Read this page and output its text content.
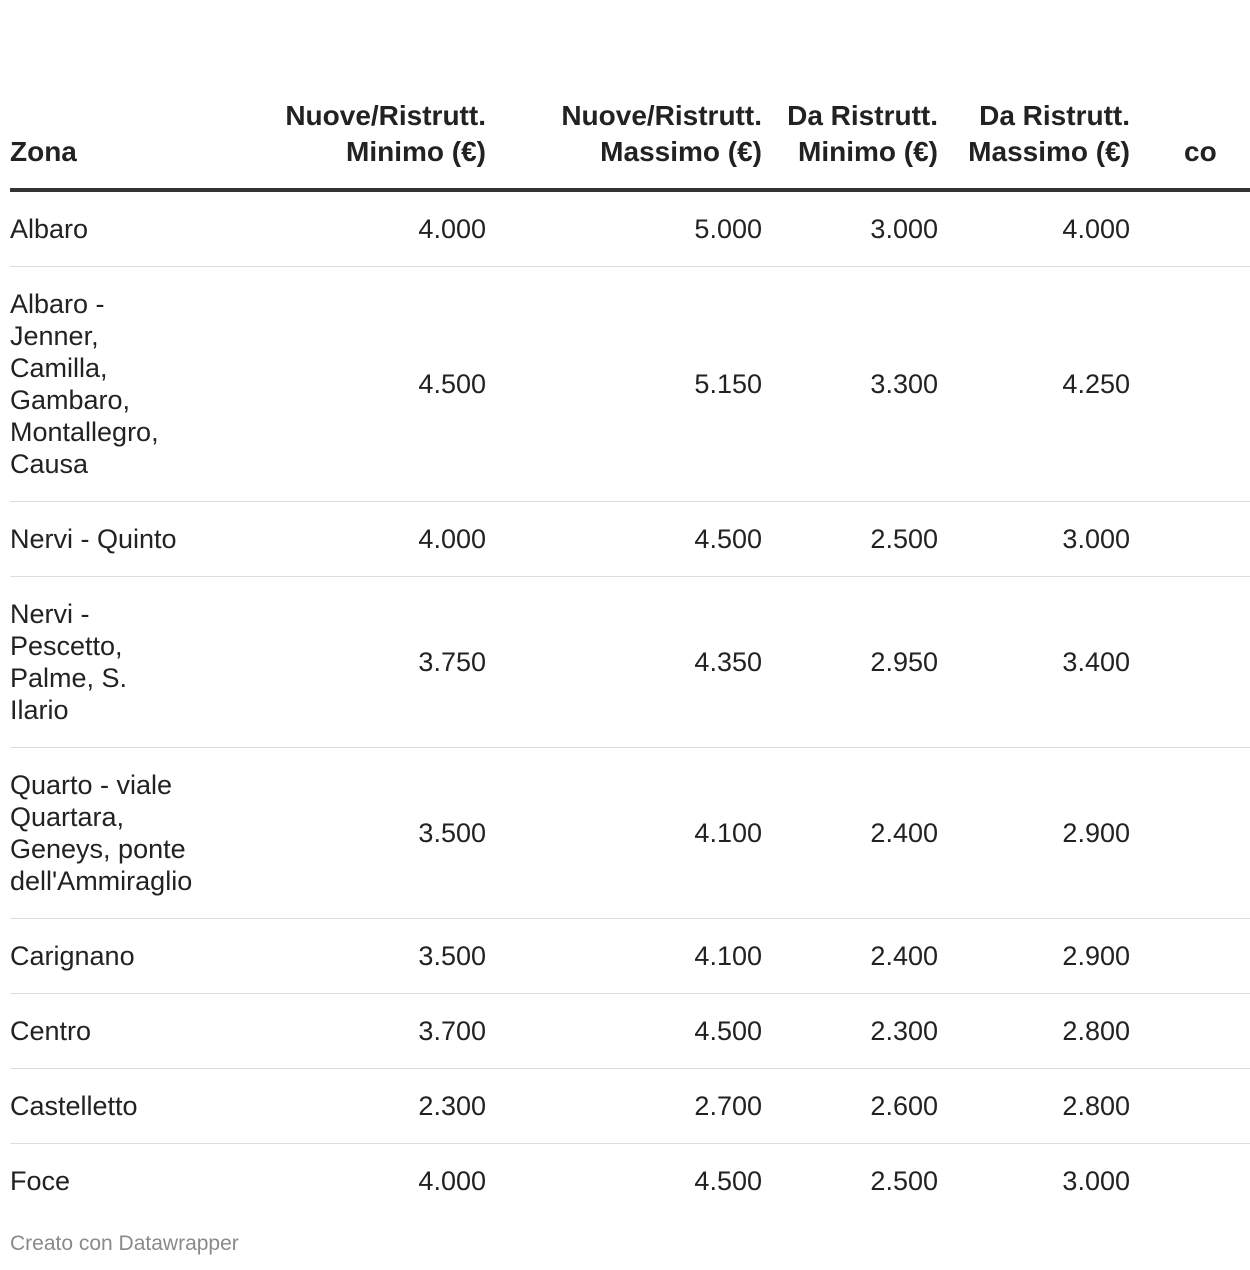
Zona	Nuove/Ristrutt. Minimo (€)	Nuove/Ristrutt. Massimo (€)	Da Ristrutt. Minimo (€)	Da Ristrutt. Massimo (€)	co
Albaro	4.000	5.000	3.000	4.000	
Albaro - Jenner, Camilla, Gambaro, Montallegro, Causa	4.500	5.150	3.300	4.250	
Nervi - Quinto	4.000	4.500	2.500	3.000	
Nervi - Pescetto, Palme, S. Ilario	3.750	4.350	2.950	3.400	
Quarto - viale Quartara, Geneys, ponte dell'Ammiraglio	3.500	4.100	2.400	2.900	
Carignano	3.500	4.100	2.400	2.900	
Centro	3.700	4.500	2.300	2.800	
Castelletto	2.300	2.700	2.600	2.800	
Foce	4.000	4.500	2.500	3.000	
Creato con Datawrapper
